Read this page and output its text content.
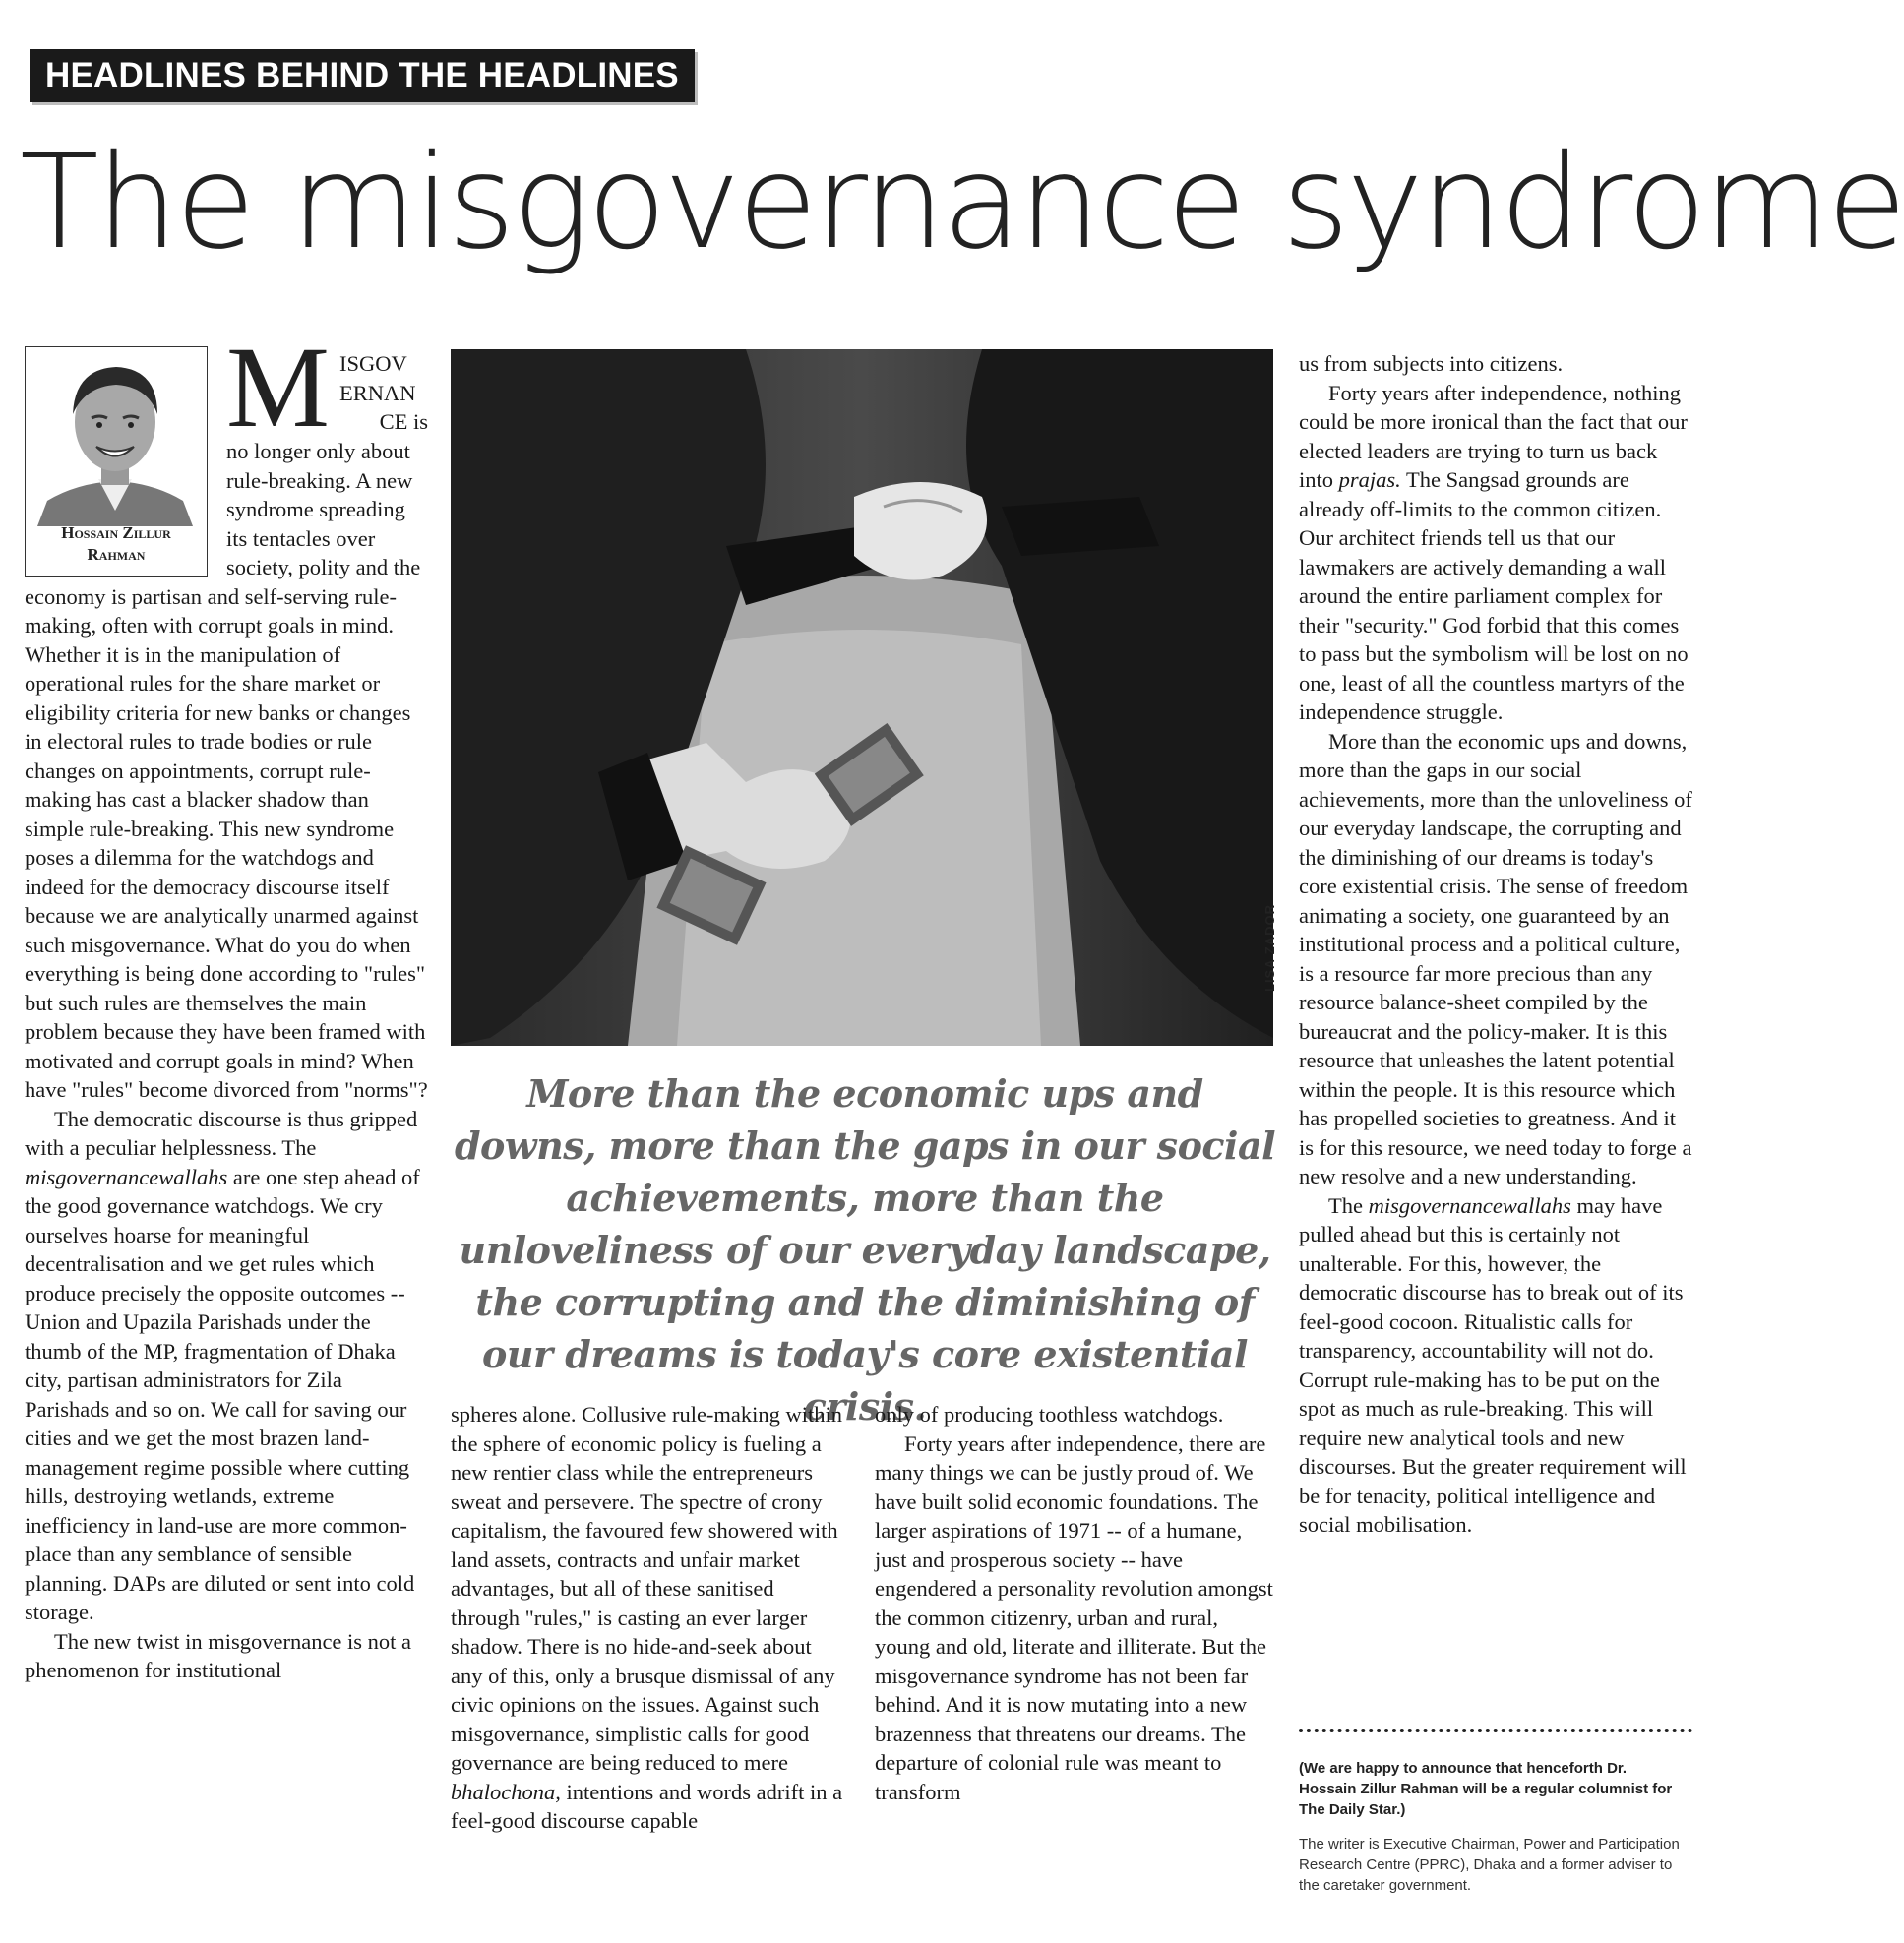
HEADLINES BEHIND THE HEADLINES
The misgovernance syndrome
Hossain Zillur
Rahman
M ISGOV

ERNAN

CE is

no longer only about rule-breaking. A new syndrome spreading its tentacles over society, polity and the economy is partisan and self-serving rule-making, often with corrupt goals in mind. Whether it is in the manipulation of operational rules for the share market or eligibility criteria for new banks or changes in electoral rules to trade bodies or rule changes on appointments, corrupt rule-making has cast a blacker shadow than simple rule-breaking. This new syndrome poses a dilemma for the watchdogs and indeed for the democracy discourse itself because we are analytically unarmed against such misgovernance. What do you do when everything is being done according to "rules" but such rules are themselves the main problem because they have been framed with motivated and corrupt goals in mind? When have "rules" become divorced from "norms"?

The democratic discourse is thus gripped with a peculiar helplessness. The misgovernancewallahs are one step ahead of the good governance watchdogs. We cry ourselves hoarse for meaningful decentralisation and we get rules which produce precisely the opposite outcomes -- Union and Upazila Parishads under the thumb of the MP, fragmentation of Dhaka city, partisan administrators for Zila Parishads and so on. We call for saving our cities and we get the most brazen land-management regime possible where cutting hills, destroying wetlands, extreme inefficiency in land-use are more common-place than any semblance of sensible planning. DAPs are diluted or sent into cold storage.

The new twist in misgovernance is not a phenomenon for institutional

LISA ZADOR

More than the economic ups and downs, more than the gaps in our social achievements, more than the unloveliness of our everyday landscape, the corrupting and the diminishing of our dreams is today's core existential crisis.

spheres alone. Collusive rule-making within the sphere of economic policy is fueling a new rentier class while the entrepreneurs sweat and persevere. The spectre of crony capitalism, the favoured few showered with land assets, contracts and unfair market advantages, but all of these sanitised through "rules," is casting an ever larger shadow. There is no hide-and-seek about any of this, only a brusque dismissal of any civic opinions on the issues. Against such misgovernance, simplistic calls for good governance are being reduced to mere bhalochona, intentions and words adrift in a feel-good discourse capable

only of producing toothless watchdogs.

Forty years after independence, there are many things we can be justly proud of. We have built solid economic foundations. The larger aspirations of 1971 -- of a humane, just and prosperous society -- have engendered a personality revolution amongst the common citizenry, urban and rural, young and old, literate and illiterate. But the misgovernance syndrome has not been far behind. And it is now mutating into a new brazenness that threatens our dreams. The departure of colonial rule was meant to transform

us from subjects into citizens.

Forty years after independence, nothing could be more ironical than the fact that our elected leaders are trying to turn us back into prajas. The Sangsad grounds are already off-limits to the common citizen. Our architect friends tell us that our lawmakers are actively demanding a wall around the entire parliament complex for their "security." God forbid that this comes to pass but the symbolism will be lost on no one, least of all the countless martyrs of the independence struggle.

More than the economic ups and downs, more than the gaps in our social achievements, more than the unloveliness of our everyday landscape, the corrupting and the diminishing of our dreams is today's core existential crisis. The sense of freedom animating a society, one guaranteed by an institutional process and a political culture, is a resource far more precious than any resource balance-sheet compiled by the bureaucrat and the policy-maker. It is this resource that unleashes the latent potential within the people. It is this resource which has propelled societies to greatness. And it is for this resource, we need today to forge a new resolve and a new understanding.

The misgovernancewallahs may have pulled ahead but this is certainly not unalterable. For this, however, the democratic discourse has to break out of its feel-good cocoon. Ritualistic calls for transparency, accountability will not do. Corrupt rule-making has to be put on the spot as much as rule-breaking. This will require new analytical tools and new discourses. But the greater requirement will be for tenacity, political intelligence and social mobilisation.

(We are happy to announce that henceforth Dr. Hossain Zillur Rahman will be a regular columnist for The Daily Star.)
The writer is Executive Chairman, Power and Participation Research Centre (PPRC), Dhaka and a former adviser to the caretaker government.
